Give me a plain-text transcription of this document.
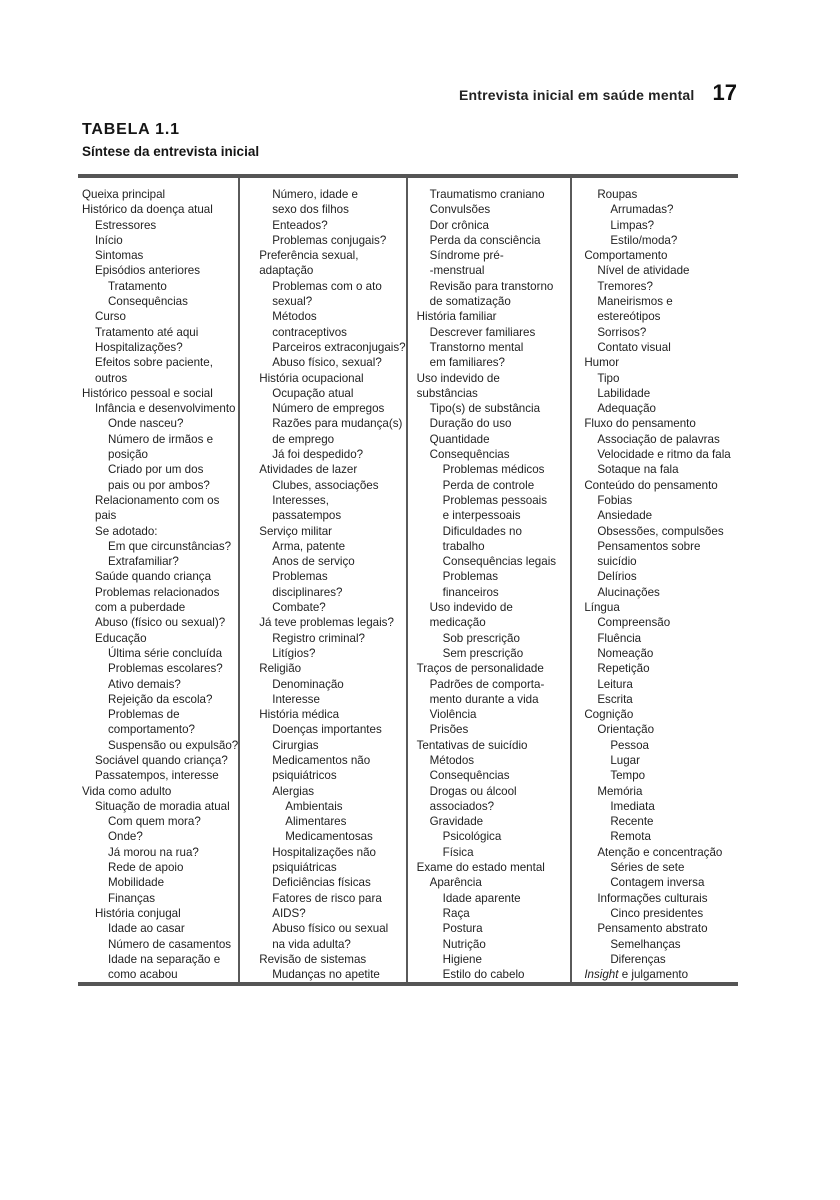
Entrevista inicial em saúde mental 17
TABELA 1.1
Síntese da entrevista inicial
Queixa principal
Histórico da doença atual
Estressores
Início
Sintomas
Episódios anteriores
Tratamento
Consequências
Curso
Tratamento até aqui
Hospitalizações?
Efeitos sobre paciente,
outros
Histórico pessoal e social
Infância e desenvolvimento
Onde nasceu?
Número de irmãos e
posição
Criado por um dos
pais ou por ambos?
Relacionamento com os
pais
Se adotado:
Em que circunstâncias?
Extrafamiliar?
Saúde quando criança
Problemas relacionados
com a puberdade
Abuso (físico ou sexual)?
Educação
Última série concluída
Problemas escolares?
Ativo demais?
Rejeição da escola?
Problemas de
comportamento?
Suspensão ou expulsão?
Sociável quando criança?
Passatempos, interesse
Vida como adulto
Situação de moradia atual
Com quem mora?
Onde?
Já morou na rua?
Rede de apoio
Mobilidade
Finanças
História conjugal
Idade ao casar
Número de casamentos
Idade na separação e
como acabou
Número, idade e
sexo dos filhos
Enteados?
Problemas conjugais?
Preferência sexual,
adaptação
Problemas com o ato
sexual?
Métodos
contraceptivos
Parceiros extraconjugais?
Abuso físico, sexual?
História ocupacional
Ocupação atual
Número de empregos
Razões para mudança(s)
de emprego
Já foi despedido?
Atividades de lazer
Clubes, associações
Interesses,
passatempos
Serviço militar
Arma, patente
Anos de serviço
Problemas
disciplinares?
Combate?
Já teve problemas legais?
Registro criminal?
Litígios?
Religião
Denominação
Interesse
História médica
Doenças importantes
Cirurgias
Medicamentos não
psiquiátricos
Alergias
Ambientais
Alimentares
Medicamentosas
Hospitalizações não
psiquiátricas
Deficiências físicas
Fatores de risco para
AIDS?
Abuso físico ou sexual
na vida adulta?
Revisão de sistemas
Mudanças no apetite
Traumatismo craniano
Convulsões
Dor crônica
Perda da consciência
Síndrome pré-
-menstrual
Revisão para transtorno
de somatização
História familiar
Descrever familiares
Transtorno mental
em familiares?
Uso indevido de
substâncias
Tipo(s) de substância
Duração do uso
Quantidade
Consequências
Problemas médicos
Perda de controle
Problemas pessoais
e interpessoais
Dificuldades no
trabalho
Consequências legais
Problemas
financeiros
Uso indevido de
medicação
Sob prescrição
Sem prescrição
Traços de personalidade
Padrões de comporta-
mento durante a vida
Violência
Prisões
Tentativas de suicídio
Métodos
Consequências
Drogas ou álcool
associados?
Gravidade
Psicológica
Física
Exame do estado mental
Aparência
Idade aparente
Raça
Postura
Nutrição
Higiene
Estilo do cabelo
Roupas
Arrumadas?
Limpas?
Estilo/moda?
Comportamento
Nível de atividade
Tremores?
Maneirismos e
estereótipos
Sorrisos?
Contato visual
Humor
Tipo
Labilidade
Adequação
Fluxo do pensamento
Associação de palavras
Velocidade e ritmo da fala
Sotaque na fala
Conteúdo do pensamento
Fobias
Ansiedade
Obsessões, compulsões
Pensamentos sobre
suicídio
Delírios
Alucinações
Língua
Compreensão
Fluência
Nomeação
Repetição
Leitura
Escrita
Cognição
Orientação
Pessoa
Lugar
Tempo
Memória
Imediata
Recente
Remota
Atenção e concentração
Séries de sete
Contagem inversa
Informações culturais
Cinco presidentes
Pensamento abstrato
Semelhanças
Diferenças
Insight e julgamento
